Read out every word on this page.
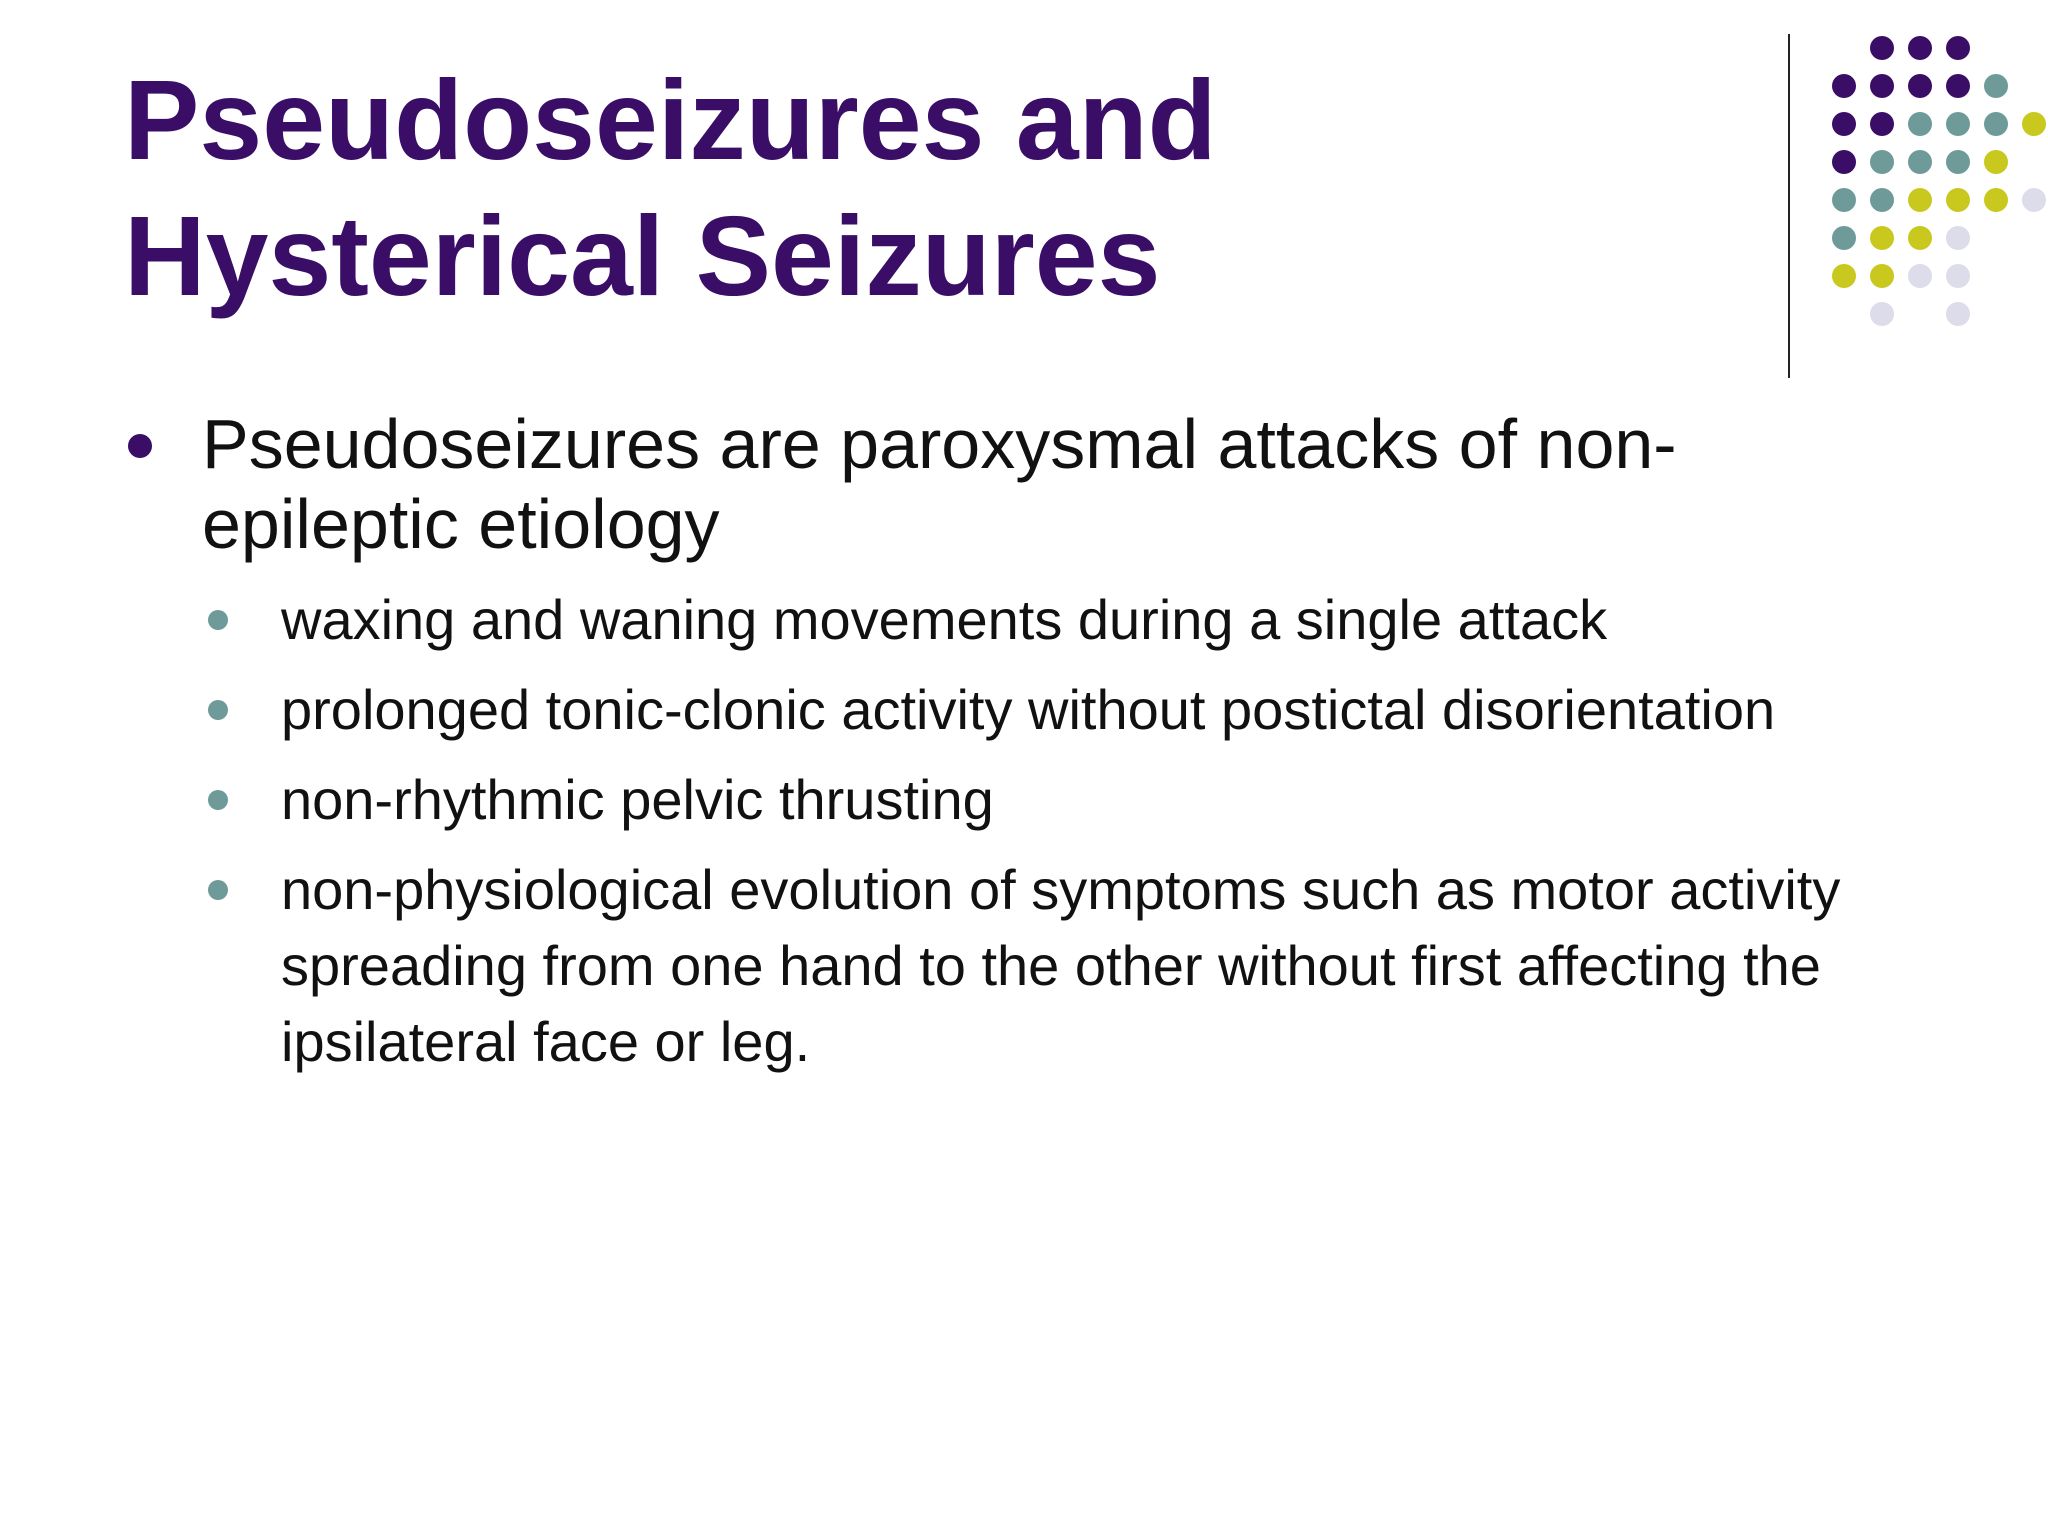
Pseudoseizures and Hysterical Seizures
Pseudoseizures are paroxysmal attacks of non-epileptic etiology
waxing and waning movements during a single attack
prolonged tonic-clonic activity without postictal disorientation
non-rhythmic pelvic thrusting
non-physiological evolution of symptoms such as motor activity spreading from one hand to the other without first affecting the ipsilateral face or leg.
